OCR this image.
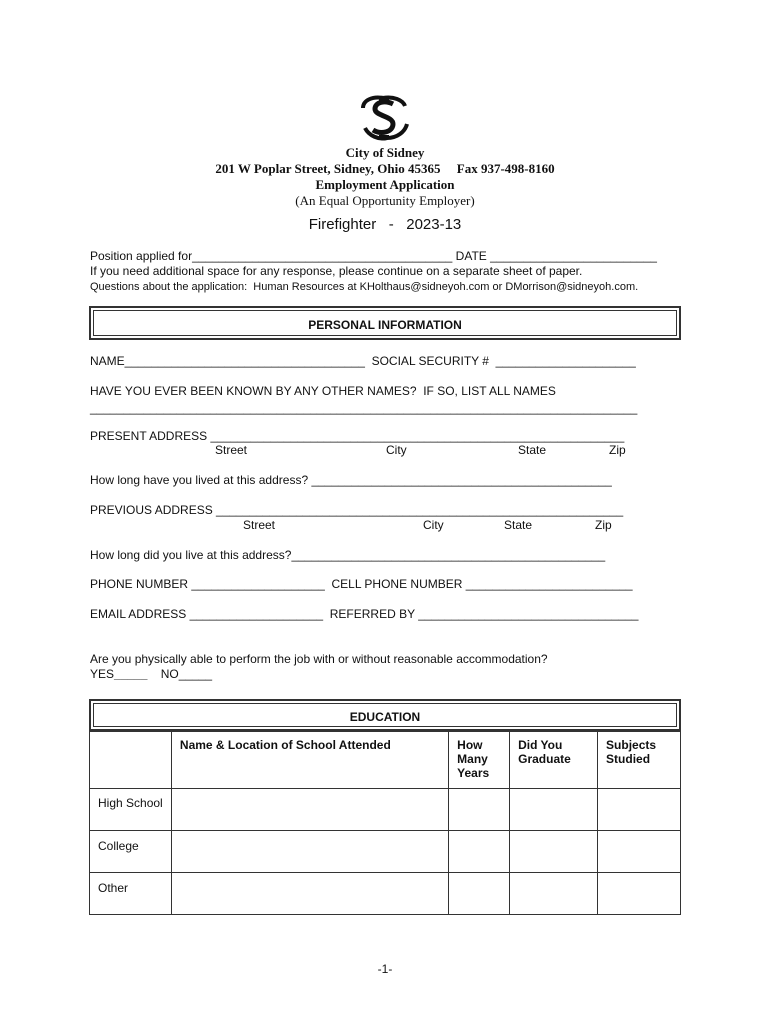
City of Sidney
201 W Poplar Street, Sidney, Ohio 45365 Fax 937-498-8160
Employment Application
(An Equal Opportunity Employer)
Firefighter   -   2023-13
Position applied for_______________________________________ DATE _________________________
If you need additional space for any response, please continue on a separate sheet of paper.
Questions about the application:  Human Resources at KHolthaus@sidneyoh.com or DMorrison@sidneyoh.com.
PERSONAL INFORMATION
NAME____________________________________  SOCIAL SECURITY #  _____________________
HAVE YOU EVER BEEN KNOWN BY ANY OTHER NAMES?  IF SO, LIST ALL NAMES
__________________________________________________________________________________
PRESENT ADDRESS ______________________________________________________________
Street	City	State	Zip
How long have you lived at this address? _____________________________________________
PREVIOUS ADDRESS _____________________________________________________________
Street	City	State	Zip
How long did you live at this address?_______________________________________________
PHONE NUMBER ____________________  CELL PHONE NUMBER _________________________
EMAIL ADDRESS ____________________  REFERRED BY _________________________________
Are you physically able to perform the job with or without reasonable accommodation?
YES_____ NO_____
EDUCATION
	Name & Location of School Attended	How Many Years	Did You Graduate	Subjects Studied
High School				
College				
Other				
-1-
